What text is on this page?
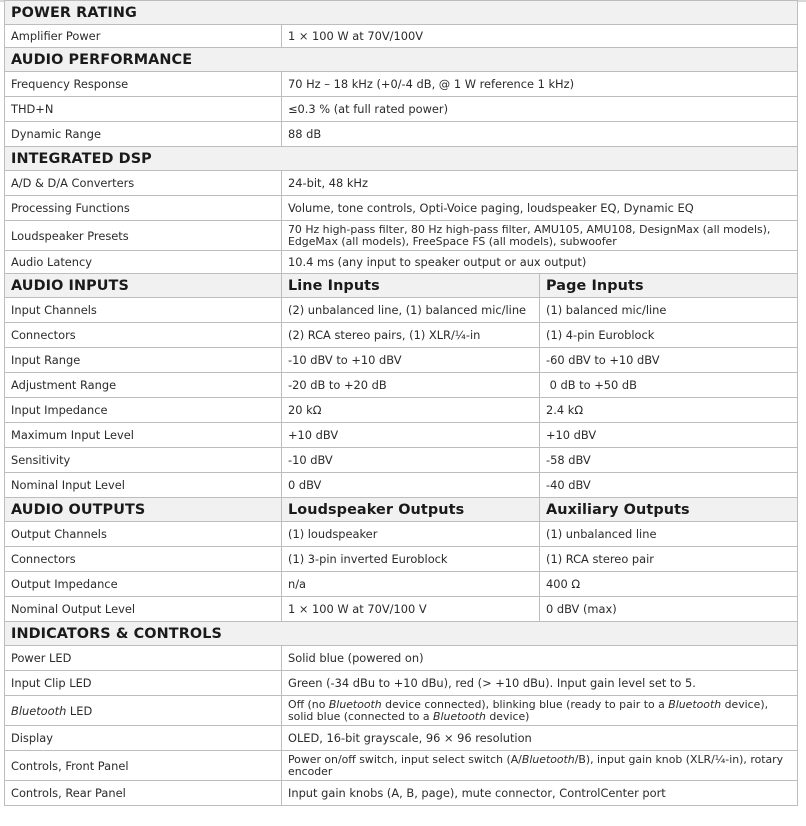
POWER RATING		
Amplifier Power	1 × 100 W at 70V/100V	
AUDIO PERFORMANCE		
Frequency Response	70 Hz – 18 kHz (+0/-4 dB, @ 1 W reference 1 kHz)	
THD+N	≤0.3 % (at full rated power)	
Dynamic Range	88 dB	
INTEGRATED DSP		
A/D & D/A Converters	24-bit, 48 kHz	
Processing Functions	Volume, tone controls, Opti-Voice paging, loudspeaker EQ, Dynamic EQ	
Loudspeaker Presets	70 Hz high-pass filter, 80 Hz high-pass filter, AMU105, AMU108, DesignMax (all models), EdgeMax (all models), FreeSpace FS (all models), subwoofer	
Audio Latency	10.4 ms (any input to speaker output or aux output)	
AUDIO INPUTS	Line Inputs	Page Inputs
Input Channels	(2) unbalanced line, (1) balanced mic/line	(1) balanced mic/line
Connectors	(2) RCA stereo pairs, (1) XLR/¼-in	(1) 4-pin Euroblock
Input Range	-10 dBV to +10 dBV	-60 dBV to +10 dBV
Adjustment Range	-20 dB to +20 dB	0 dB to +50 dB
Input Impedance	20 kΩ	2.4 kΩ
Maximum Input Level	+10 dBV	+10 dBV
Sensitivity	-10 dBV	-58 dBV
Nominal Input Level	0 dBV	-40 dBV
AUDIO OUTPUTS	Loudspeaker Outputs	Auxiliary Outputs
Output Channels	(1) loudspeaker	(1) unbalanced line
Connectors	(1) 3-pin inverted Euroblock	(1) RCA stereo pair
Output Impedance	n/a	400 Ω
Nominal Output Level	1 × 100 W at 70V/100 V	0 dBV (max)
INDICATORS & CONTROLS		
Power LED	Solid blue (powered on)	
Input Clip LED	Green (-34 dBu to +10 dBu), red (> +10 dBu). Input gain level set to 5.	
Bluetooth LED	Off (no Bluetooth device connected), blinking blue (ready to pair to a Bluetooth device), solid blue (connected to a Bluetooth device)	
Display	OLED, 16-bit grayscale, 96 × 96 resolution	
Controls, Front Panel	Power on/off switch, input select switch (A/Bluetooth/B), input gain knob (XLR/¼-in), rotary encoder	
Controls, Rear Panel	Input gain knobs (A, B, page), mute connector, ControlCenter port	
